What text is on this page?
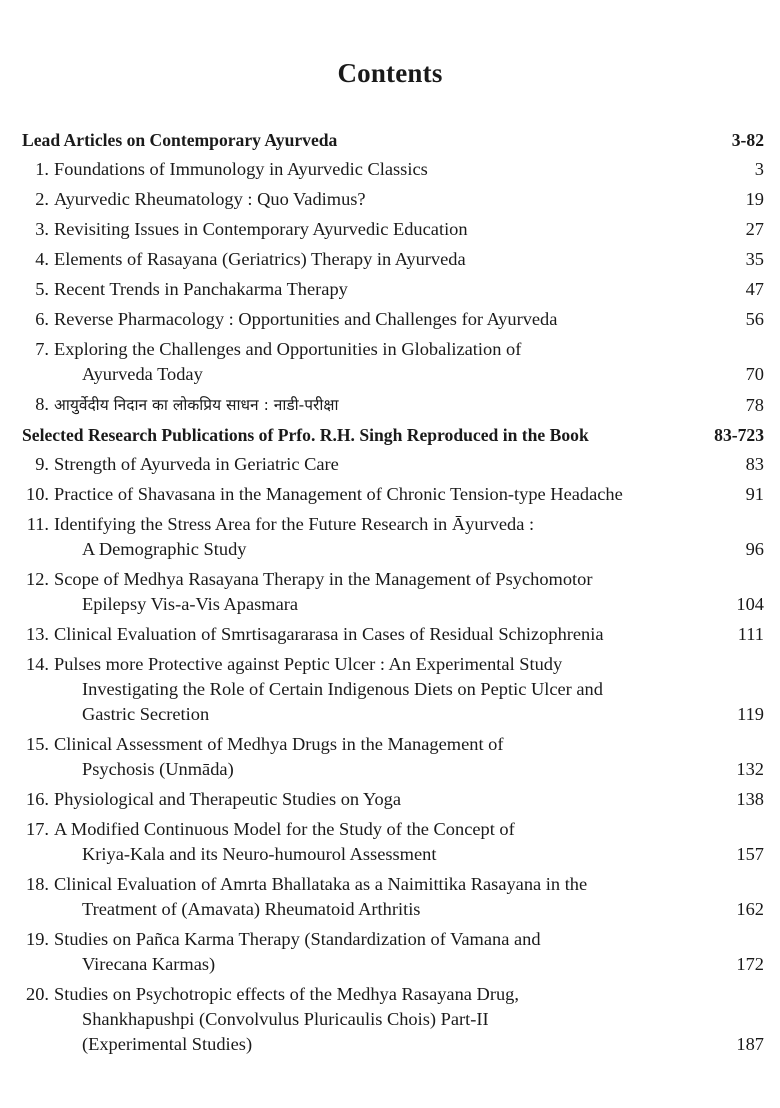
Contents
Lead Articles on Contemporary Ayurveda	3-82
1. Foundations of Immunology in Ayurvedic Classics	3
2. Ayurvedic Rheumatology : Quo Vadimus?	19
3. Revisiting Issues in Contemporary Ayurvedic Education	27
4. Elements of Rasayana (Geriatrics) Therapy in Ayurveda	35
5. Recent Trends in Panchakarma Therapy	47
6. Reverse Pharmacology : Opportunities and Challenges for Ayurveda	56
7. Exploring the Challenges and Opportunities in Globalization of
Ayurveda Today	70
8. आयुर्वेदीय निदान का लोकप्रिय साधन : नाडी-परीक्षा	78
Selected Research Publications of Prfo. R.H. Singh Reproduced in the Book	83-723
9. Strength of Ayurveda in Geriatric Care	83
10. Practice of Shavasana in the Management of Chronic Tension-type Headache	91
11. Identifying the Stress Area for the Future Research in Āyurveda :
A Demographic Study	96
12. Scope of Medhya Rasayana Therapy in the Management of Psychomotor
Epilepsy Vis-a-Vis Apasmara	104
13. Clinical Evaluation of Smrtisagararasa in Cases of Residual Schizophrenia	111
14. Pulses more Protective against Peptic Ulcer : An Experimental Study
Investigating the Role of Certain Indigenous Diets on Peptic Ulcer and
Gastric Secretion	119
15. Clinical Assessment of Medhya Drugs in the Management of
Psychosis (Unmāda)	132
16. Physiological and Therapeutic Studies on Yoga	138
17. A Modified Continuous Model for the Study of the Concept of
Kriya-Kala and its Neuro-humourol Assessment	157
18. Clinical Evaluation of Amrta Bhallataka as a Naimittika Rasayana in the
Treatment of (Amavata) Rheumatoid Arthritis	162
19. Studies on Pañca Karma Therapy (Standardization of Vamana and
Virecana Karmas)	172
20. Studies on Psychotropic effects of the Medhya Rasayana Drug,
Shankhapushpi (Convolvulus Pluricaulis Chois) Part-II
(Experimental Studies)	187
